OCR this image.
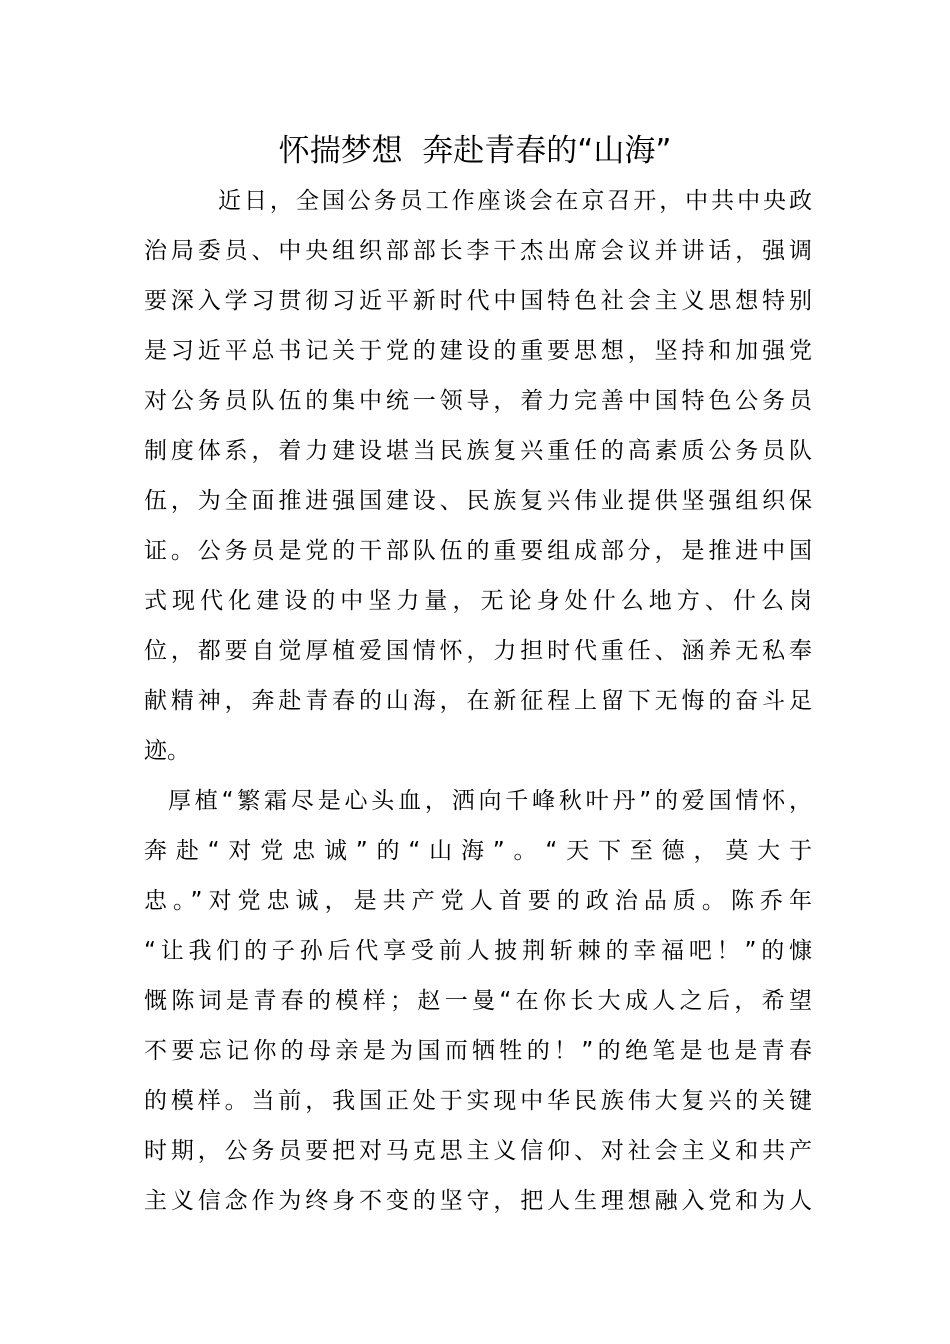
怀揣梦想  奔赴青春的“山海”
近日，全国公务员工作座谈会在京召开，中共中央政
治局委员、中央组织部部长李干杰出席会议并讲话，强调
要深入学习贯彻习近平新时代中国特色社会主义思想特别
是习近平总书记关于党的建设的重要思想，坚持和加强党
对公务员队伍的集中统一领导，着力完善中国特色公务员
制度体系，着力建设堪当民族复兴重任的高素质公务员队
伍，为全面推进强国建设、民族复兴伟业提供坚强组织保
证。公务员是党的干部队伍的重要组成部分，是推进中国
式现代化建设的中坚力量，无论身处什么地方、什么岗
位，都要自觉厚植爱国情怀，力担时代重任、涵养无私奉
献精神，奔赴青春的山海，在新征程上留下无悔的奋斗足
迹。
厚植“繁霜尽是心头血，洒向千峰秋叶丹”的爱国情怀，
奔赴“对党忠诚”的“山海”。“天下至德，莫大于
忠。”对党忠诚，是共产党人首要的政治品质。陈乔年
“让我们的子孙后代享受前人披荆斩棘的幸福吧！”的慷
慨陈词是青春的模样；赵一曼“在你长大成人之后，希望
不要忘记你的母亲是为国而牺牲的！”的绝笔是也是青春
的模样。当前，我国正处于实现中华民族伟大复兴的关键
时期，公务员要把对马克思主义信仰、对社会主义和共产
主义信念作为终身不变的坚守，把人生理想融入党和为人
